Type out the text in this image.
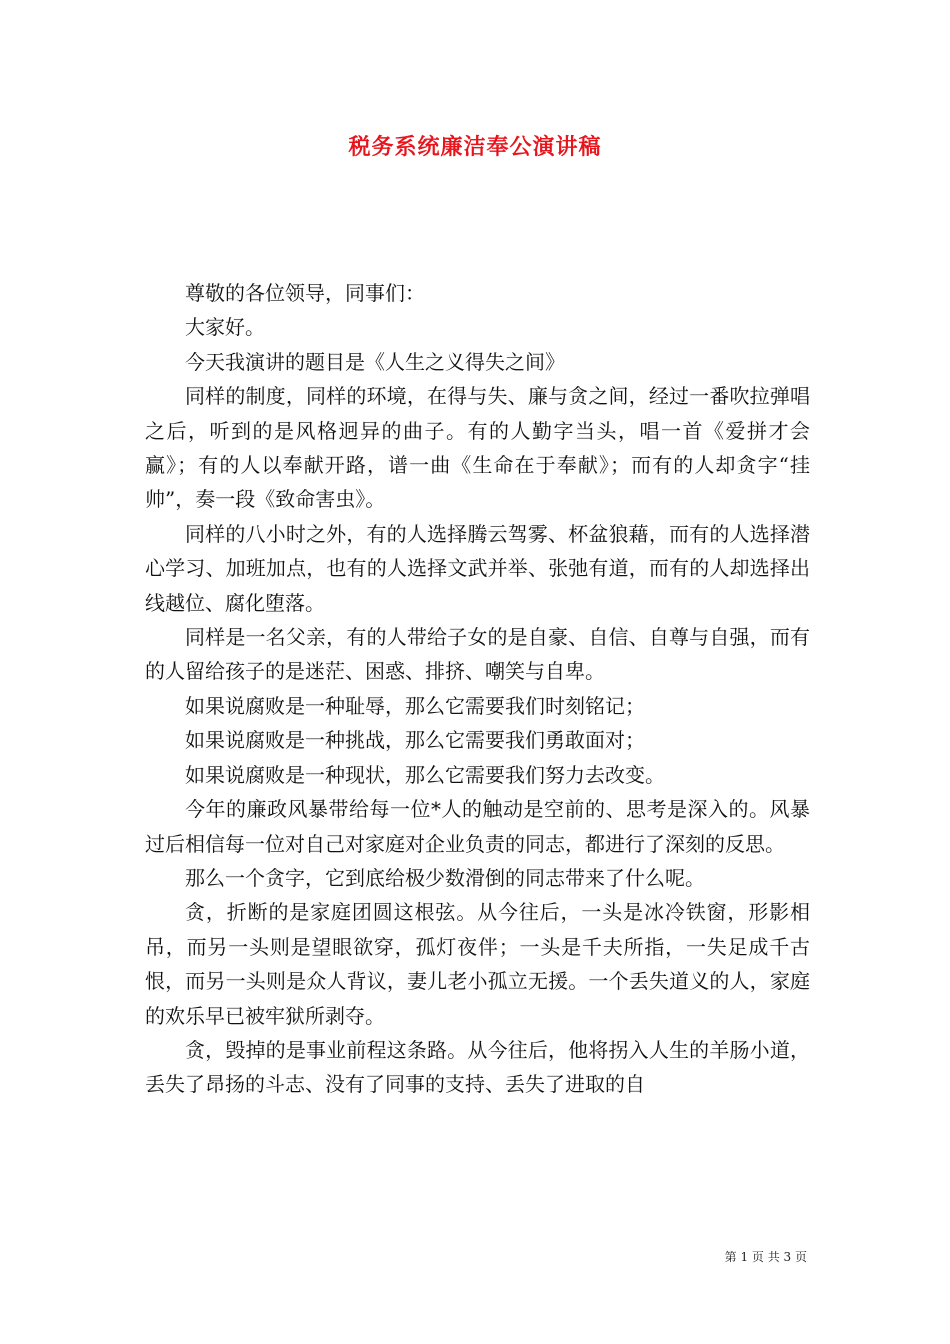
税务系统廉洁奉公演讲稿

尊敬的各位领导，同事们：

大家好。

今天我演讲的题目是《人生之义得失之间》

同样的制度，同样的环境，在得与失、廉与贪之间，经过一番吹拉弹唱之后，听到的是风格迥异的曲子。有的人勤字当头，唱一首《爱拼才会赢》；有的人以奉献开路，谱一曲《生命在于奉献》；而有的人却贪字“挂帅”，奏一段《致命害虫》。

同样的八小时之外，有的人选择腾云驾雾、杯盆狼藉，而有的人选择潜心学习、加班加点，也有的人选择文武并举、张弛有道，而有的人却选择出线越位、腐化堕落。

同样是一名父亲，有的人带给子女的是自豪、自信、自尊与自强，而有的人留给孩子的是迷茫、困惑、排挤、嘲笑与自卑。

如果说腐败是一种耻辱，那么它需要我们时刻铭记；

如果说腐败是一种挑战，那么它需要我们勇敢面对；

如果说腐败是一种现状，那么它需要我们努力去改变。

今年的廉政风暴带给每一位*人的触动是空前的、思考是深入的。风暴过后相信每一位对自己对家庭对企业负责的同志，都进行了深刻的反思。

那么一个贪字，它到底给极少数滑倒的同志带来了什么呢。

贪，折断的是家庭团圆这根弦。从今往后，一头是冰冷铁窗，形影相吊，而另一头则是望眼欲穿，孤灯夜伴；一头是千夫所指，一失足成千古恨，而另一头则是众人背议，妻儿老小孤立无援。一个丢失道义的人，家庭的欢乐早已被牢狱所剥夺。

贪，毁掉的是事业前程这条路。从今往后，他将拐入人生的羊肠小道，丢失了昂扬的斗志、没有了同事的支持、丢失了进取的自

第 1 页 共 3 页
